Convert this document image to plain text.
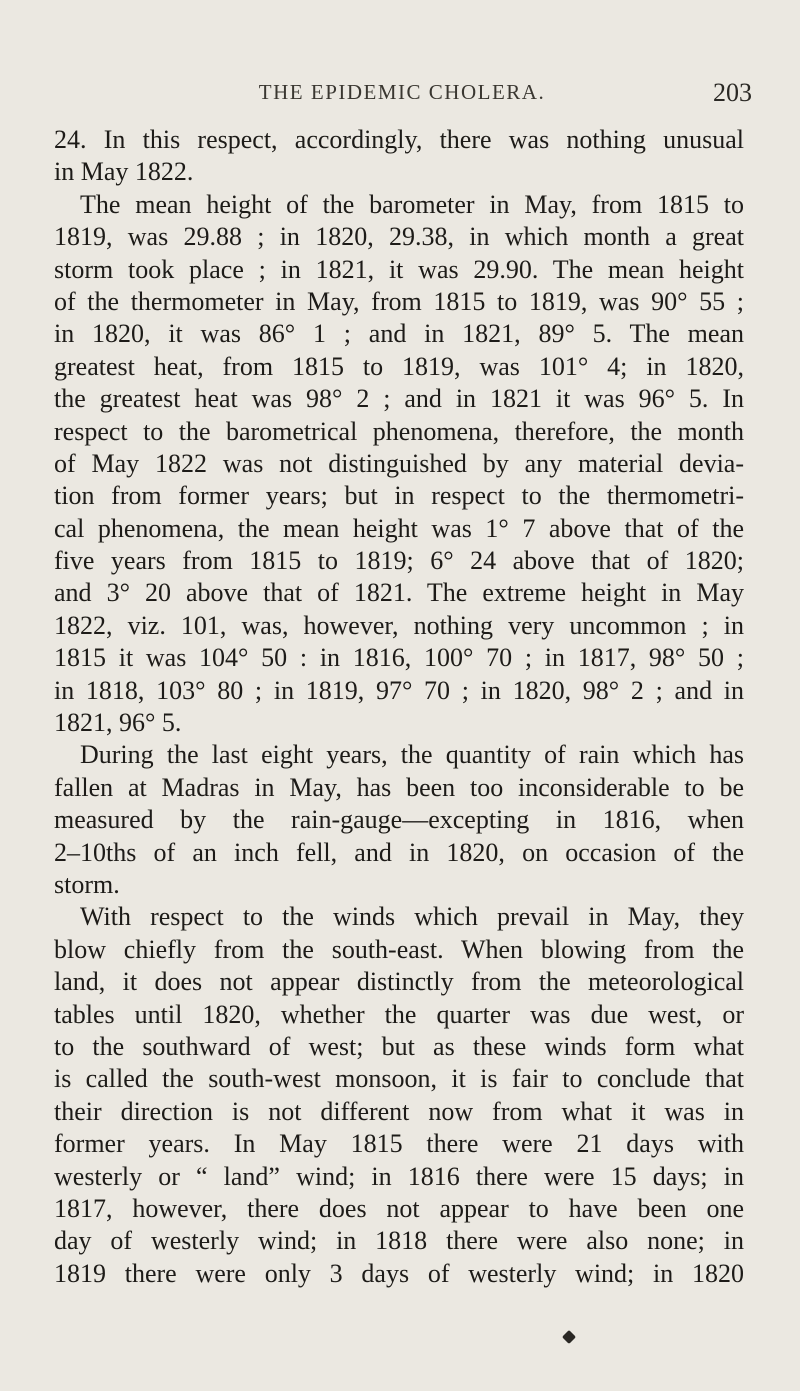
THE EPIDEMIC CHOLERA.	203
24. In this respect, accordingly, there was nothing unusual
in May 1822.
The mean height of the barometer in May, from 1815 to
1819, was 29.88 ; in 1820, 29.38, in which month a great
storm took place ; in 1821, it was 29.90. The mean height
of the thermometer in May, from 1815 to 1819, was 90° 55 ;
in 1820, it was 86° 1 ; and in 1821, 89° 5. The mean
greatest heat, from 1815 to 1819, was 101° 4; in 1820,
the greatest heat was 98° 2 ; and in 1821 it was 96° 5. In
respect to the barometrical phenomena, therefore, the month
of May 1822 was not distinguished by any material devia-
tion from former years; but in respect to the thermometri-
cal phenomena, the mean height was 1° 7 above that of the
five years from 1815 to 1819; 6° 24 above that of 1820;
and 3° 20 above that of 1821. The extreme height in May
1822, viz. 101, was, however, nothing very uncommon ; in
1815 it was 104° 50 : in 1816, 100° 70 ; in 1817, 98° 50 ;
in 1818, 103° 80 ; in 1819, 97° 70 ; in 1820, 98° 2 ; and in
1821, 96° 5.
During the last eight years, the quantity of rain which has
fallen at Madras in May, has been too inconsiderable to be
measured by the rain-gauge—excepting in 1816, when
2–10ths of an inch fell, and in 1820, on occasion of the
storm.
With respect to the winds which prevail in May, they
blow chiefly from the south-east. When blowing from the
land, it does not appear distinctly from the meteorological
tables until 1820, whether the quarter was due west, or
to the southward of west; but as these winds form what
is called the south-west monsoon, it is fair to conclude that
their direction is not different now from what it was in
former years. In May 1815 there were 21 days with
westerly or “ land” wind; in 1816 there were 15 days; in
1817, however, there does not appear to have been one
day of westerly wind; in 1818 there were also none; in
1819 there were only 3 days of westerly wind; in 1820
